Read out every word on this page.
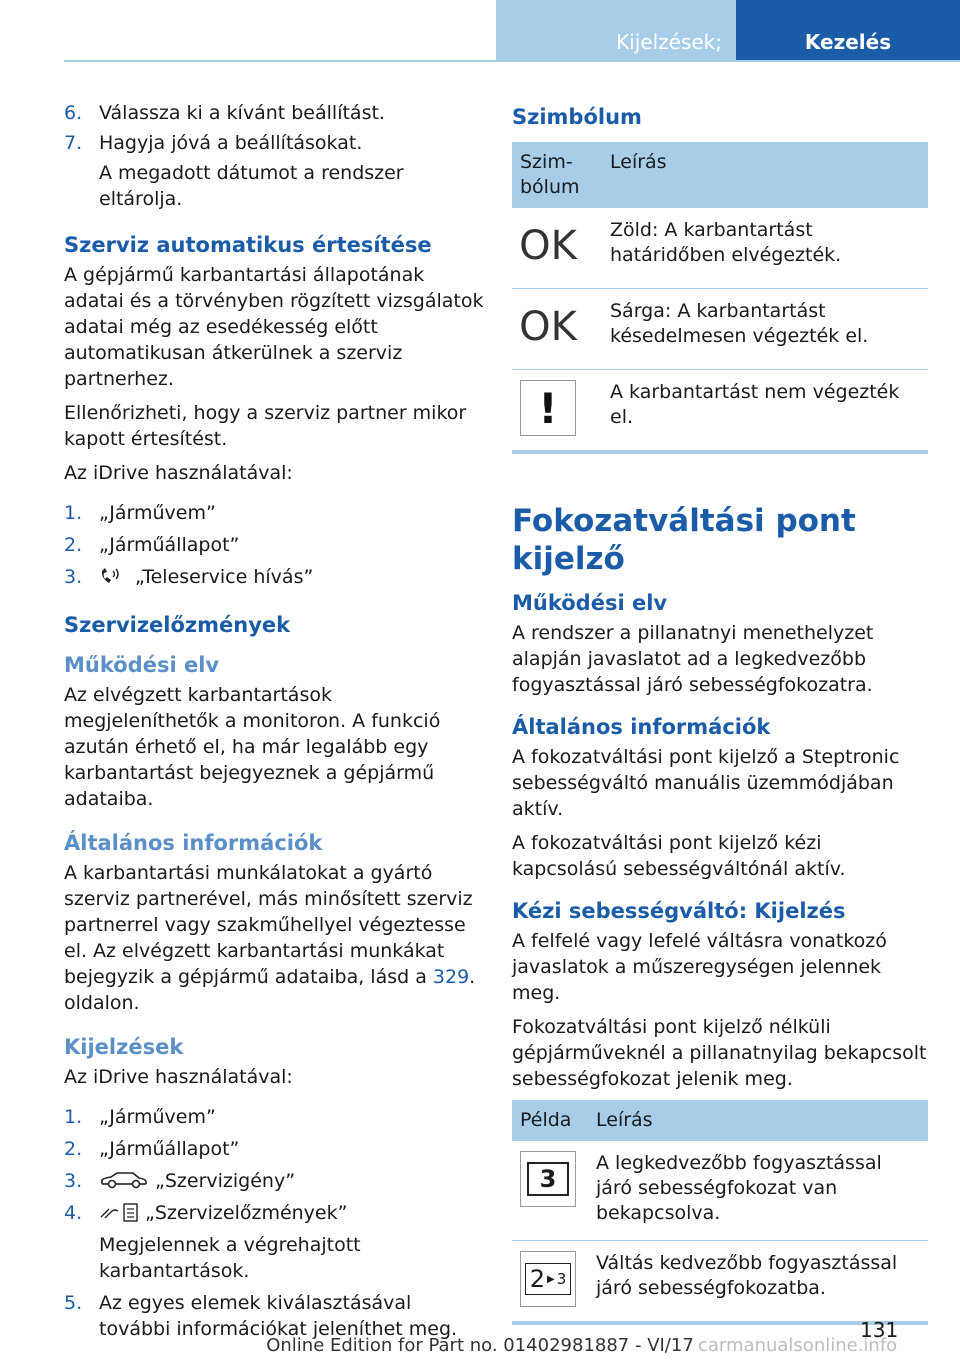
Kijelzések;	Kezelés
6. Válassza ki a kívánt beállítást.
7. Hagyja jóvá a beállításokat.
A megadott dátumot a rendszer eltárolja.
Szerviz automatikus értesítése
A gépjármű karbantartási állapotának adatai és a törvényben rögzített vizsgálatok adatai még az esedékesség előtt automatikusan átkerülnek a szerviz partnerhez.
Ellenőrizheti, hogy a szerviz partner mikor kapott értesítést.
Az iDrive használatával:
1. „Járművem”
2. „Járműállapot”
3.	„Teleservice hívás”
Szervizelőzmények
Működési elv
Az elvégzett karbantartások megjeleníthetők a monitoron. A funkció azután érhető el, ha már legalább egy karbantartást bejegyeznek a gépjármű adataiba.
Általános információk
A karbantartási munkálatokat a gyártó szerviz partnerével, más minősített szerviz partnerrel vagy szakműhellyel végeztesse el. Az elvégzett karbantartási munkákat bejegyzik a gépjármű adataiba, lásd a 329. oldalon.
Kijelzések
Az iDrive használatával:
1. „Járművem”
2. „Járműállapot”
3.	„Szervizigény”
4.	„Szervizelőzmények”
Megjelennek a végrehajtott karbantartások.
5. Az egyes elemek kiválasztásával további információkat jeleníthet meg.
Szimbólum
Szimbólum	Leírás

OK	Zöld: A karbantartást határidőben elvégezték.

OK	Sárga: A karbantartást késedelmesen végezték el.

!	A karbantartást nem végezték el.
Fokozatváltási pont kijelző
Működési elv
A rendszer a pillanatnyi menethelyzet alapján javaslatot ad a legkedvezőbb fogyasztással járó sebességfokozatra.
Általános információk
A fokozatváltási pont kijelző a Steptronic sebességváltó manuális üzemmódjában aktív.
A fokozatváltási pont kijelző kézi kapcsolású sebességváltónál aktív.
Kézi sebességváltó: Kijelzés
A felfelé vagy lefelé váltásra vonatkozó javaslatok a műszeregységen jelennek meg.
Fokozatváltási pont kijelző nélküli gépjárműveknél a pillanatnyilag bekapcsolt sebességfokozat jelenik meg.
Példa	Leírás

3	A legkedvezőbb fogyasztással járó sebességfokozat van bekapcsolva.

2 ▶ 3	Váltás kedvezőbb fogyasztással járó sebességfokozatba.
131
Online Edition for Part no. 01402981887 - VI/17 carmanualsonline.info
